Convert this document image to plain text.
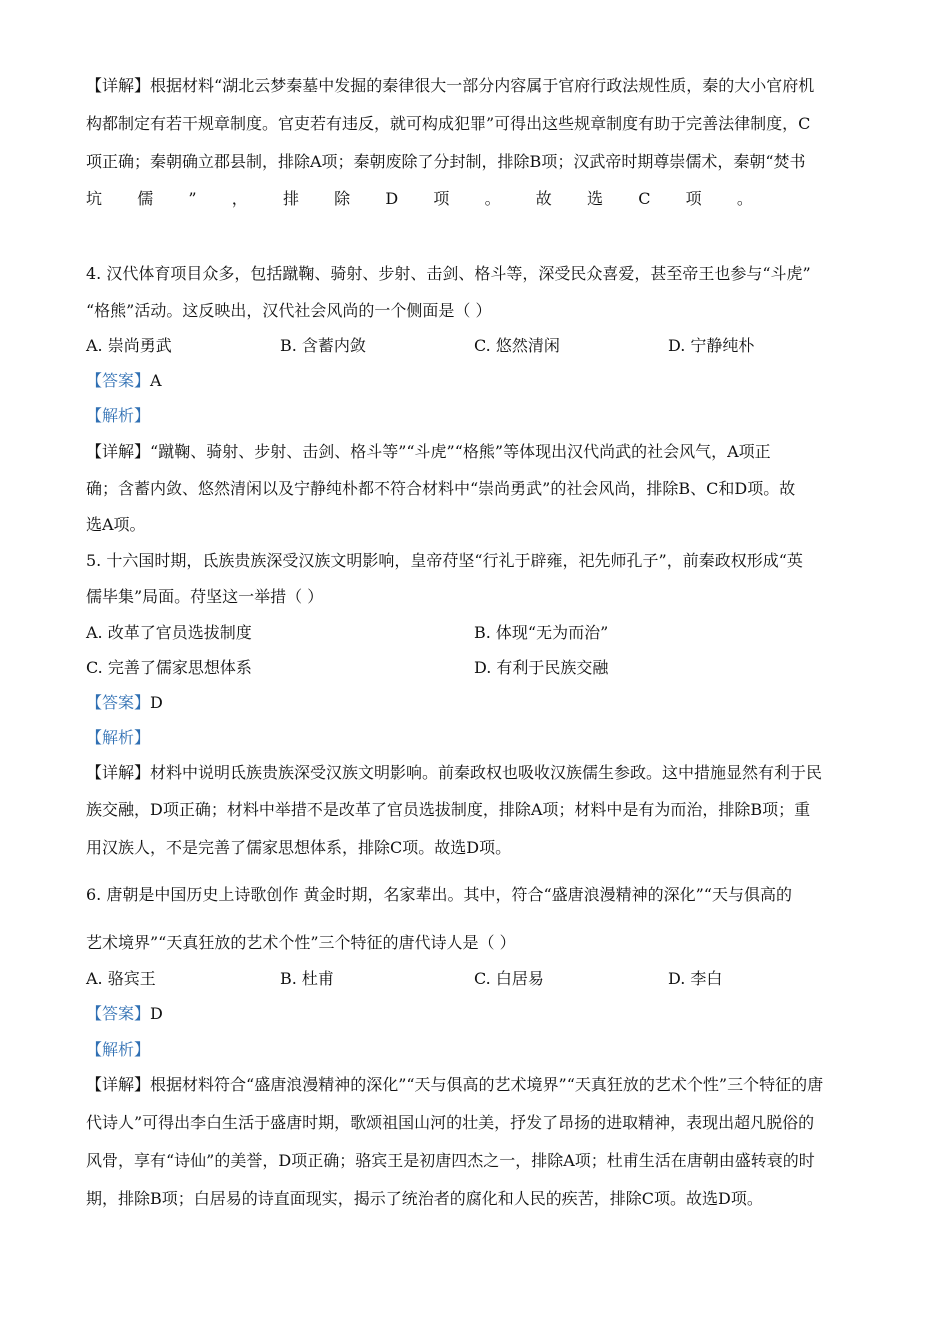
【详解】根据材料“湖北云梦秦墓中发掘的秦律很大一部分内容属于官府行政法规性质，秦的大小官府机
构都制定有若干规章制度。官吏若有违反，就可构成犯罪”可得出这些规章制度有助于完善法律制度，C
项正确；秦朝确立郡县制，排除A项；秦朝废除了分封制，排除B项；汉武帝时期尊崇儒术，秦朝“焚书
坑儒”，排除D项。故选C项。
4. 汉代体育项目众多，包括蹴鞠、骑射、步射、击剑、格斗等，深受民众喜爱，甚至帝王也参与“斗虎”
“格熊”活动。这反映出，汉代社会风尚的一个侧面是（ ）
A. 崇尚勇武	B. 含蓄内敛	C. 悠然清闲	D. 宁静纯朴
【答案】A
【解析】
【详解】“蹴鞠、骑射、步射、击剑、格斗等”“斗虎”“格熊”等体现出汉代尚武的社会风气，A项正
确；含蓄内敛、悠然清闲以及宁静纯朴都不符合材料中“崇尚勇武”的社会风尚，排除B、C和D项。故
选A项。
5. 十六国时期，氐族贵族深受汉族文明影响，皇帝苻坚“行礼于辟雍，祀先师孔子”，前秦政权形成“英
儒毕集”局面。苻坚这一举措（ ）
A. 改革了官员选拔制度	B. 体现“无为而治”
C. 完善了儒家思想体系	D. 有利于民族交融
【答案】D
【解析】
【详解】材料中说明氐族贵族深受汉族文明影响。前秦政权也吸收汉族儒生参政。这中措施显然有利于民
族交融，D项正确；材料中举措不是改革了官员选拔制度，排除A项；材料中是有为而治，排除B项；重
用汉族人，不是完善了儒家思想体系，排除C项。故选D项。
6. 唐朝是中国历史上诗歌创作 黄金时期，名家辈出。其中，符合“盛唐浪漫精神的深化”“天与俱高的
艺术境界”“天真狂放的艺术个性”三个特征的唐代诗人是（ ）
A. 骆宾王	B. 杜甫	C. 白居易	D. 李白
【答案】D
【解析】
【详解】根据材料符合“盛唐浪漫精神的深化”“天与俱高的艺术境界”“天真狂放的艺术个性”三个特征的唐
代诗人”可得出李白生活于盛唐时期，歌颂祖国山河的壮美，抒发了昂扬的进取精神，表现出超凡脱俗的
风骨，享有“诗仙”的美誉，D项正确；骆宾王是初唐四杰之一，排除A项；杜甫生活在唐朝由盛转衰的时
期，排除B项；白居易的诗直面现实，揭示了统治者的腐化和人民的疾苦，排除C项。故选D项。
